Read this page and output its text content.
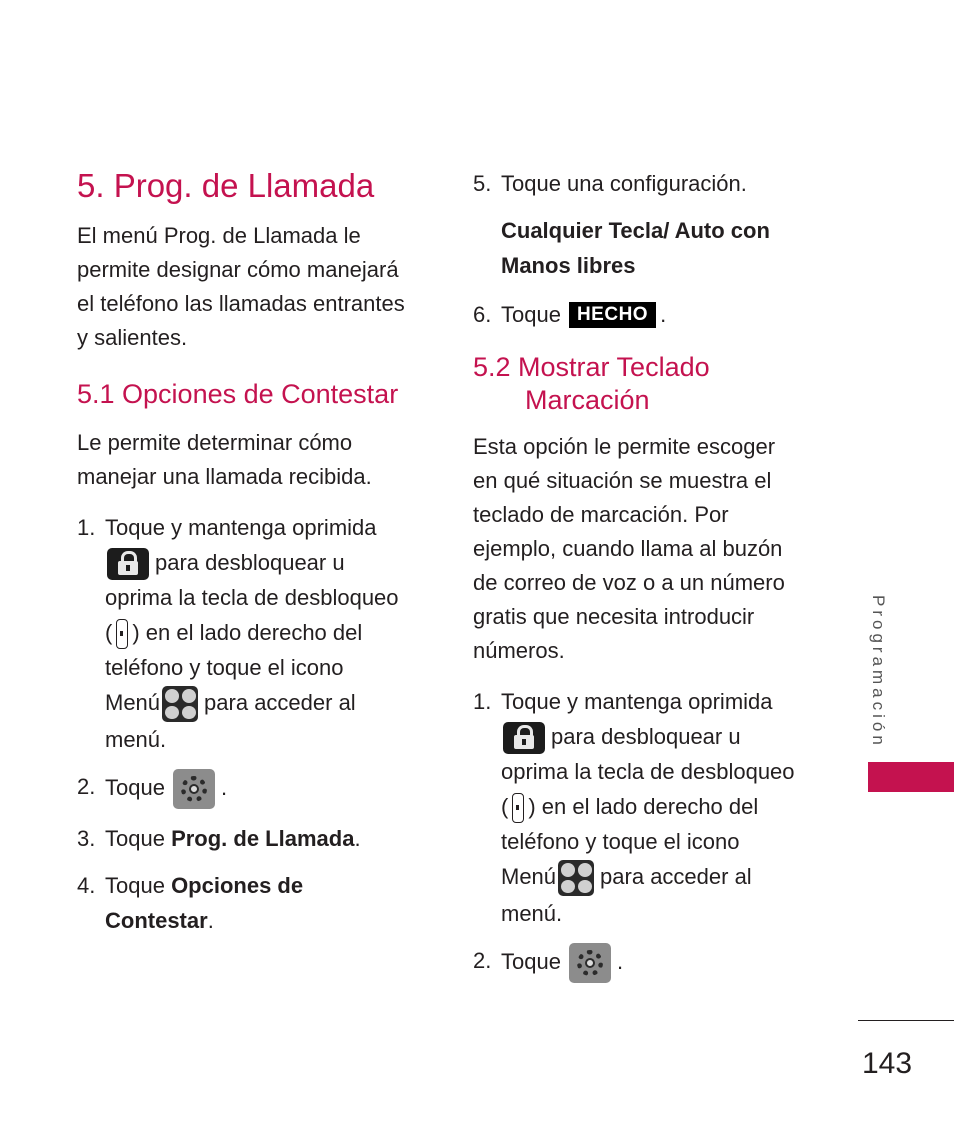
5. Prog. de Llamada

El menú Prog. de Llamada le
permite designar cómo manejará
el teléfono las llamadas entrantes
y salientes.

5.1 Opciones de Contestar

Le permite determinar cómo
manejar una llamada recibida.

1. Toque y mantenga oprimida

para desbloquear u
oprima la tecla de desbloqueo
( ) en el lado derecho del
teléfono y toque el icono
Menú para acceder al
menú.
2. Toque	.
3. Toque Prog. de Llamada.
4. Toque Opciones de
Contestar.
5. Toque una configuración.
Cualquier Tecla/ Auto con
Manos libres
6. Toque HECHO .
5.2 Mostrar Teclado
Marcación

Esta opción le permite escoger
en qué situación se muestra el
teclado de marcación. Por
ejemplo, cuando llama al buzón
de correo de voz o a un número
gratis que necesita introducir
números.

1. Toque y mantenga oprimida

para desbloquear u
oprima la tecla de desbloqueo
( ) en el lado derecho del
teléfono y toque el icono
Menú para acceder al
menú.
2. Toque	.
Programación
143
